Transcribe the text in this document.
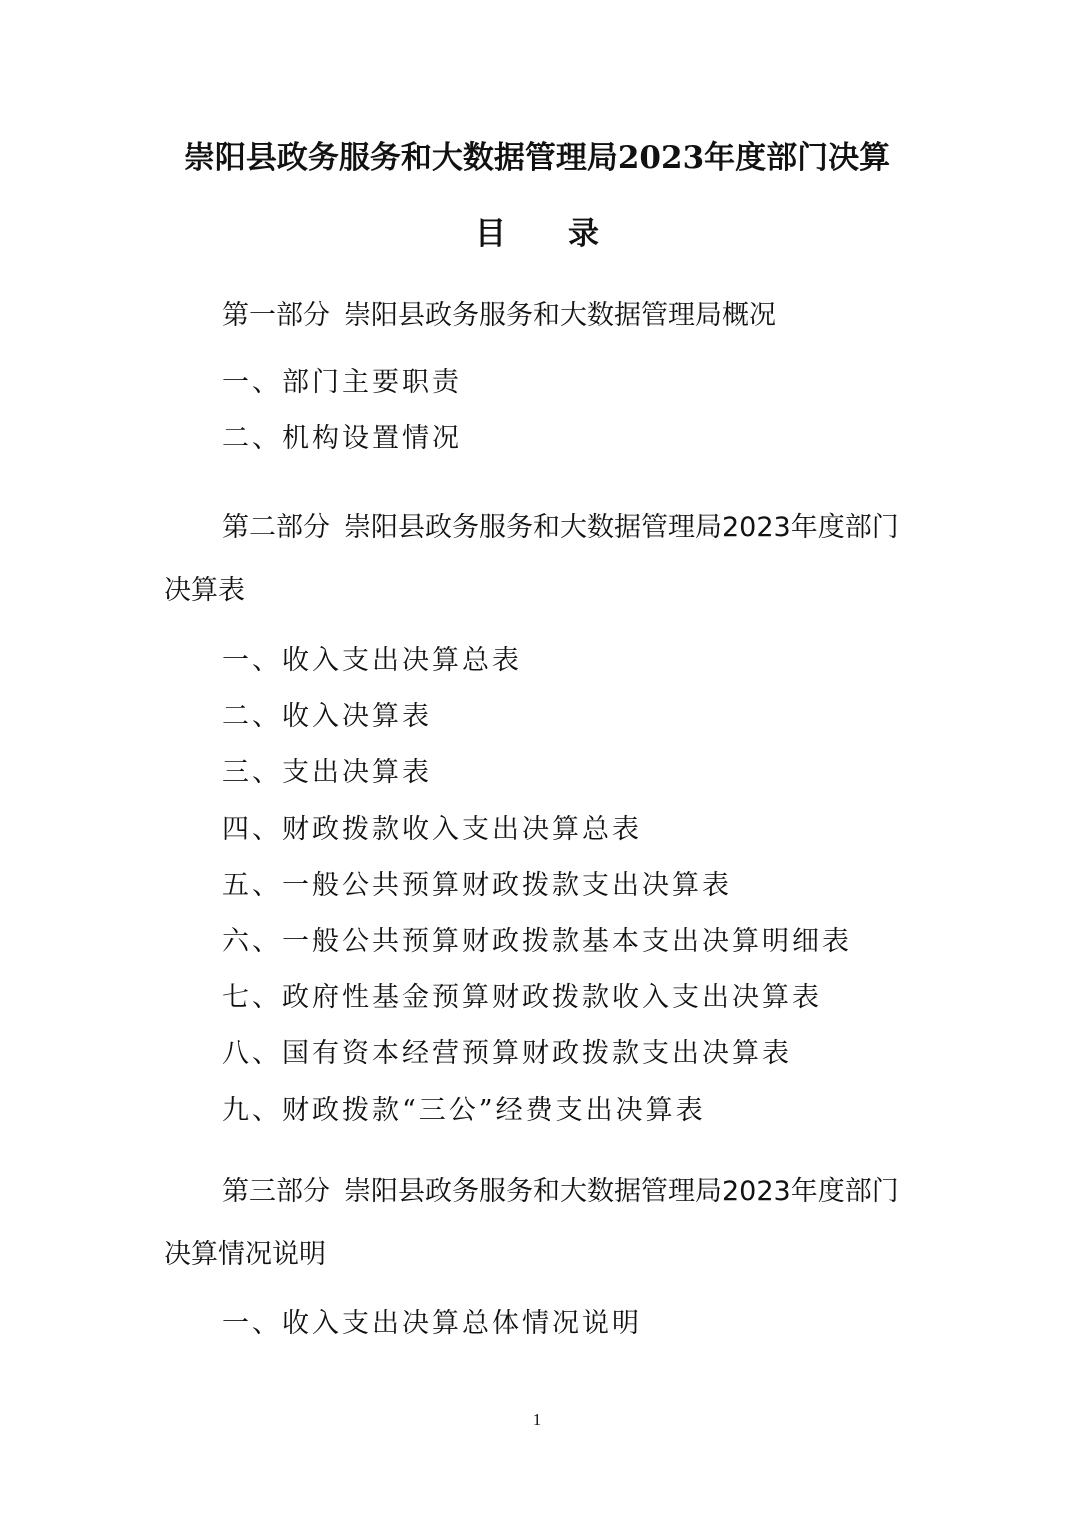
崇阳县政务服务和大数据管理局2023年度部门决算
目 录
第一部分 崇阳县政务服务和大数据管理局概况
一、部门主要职责
二、机构设置情况
第二部分 崇阳县政务服务和大数据管理局2023年度部门决算表
一、收入支出决算总表
二、收入决算表
三、支出决算表
四、财政拨款收入支出决算总表
五、一般公共预算财政拨款支出决算表
六、一般公共预算财政拨款基本支出决算明细表
七、政府性基金预算财政拨款收入支出决算表
八、国有资本经营预算财政拨款支出决算表
九、财政拨款“三公”经费支出决算表
第三部分 崇阳县政务服务和大数据管理局2023年度部门决算情况说明
一、收入支出决算总体情况说明
1
